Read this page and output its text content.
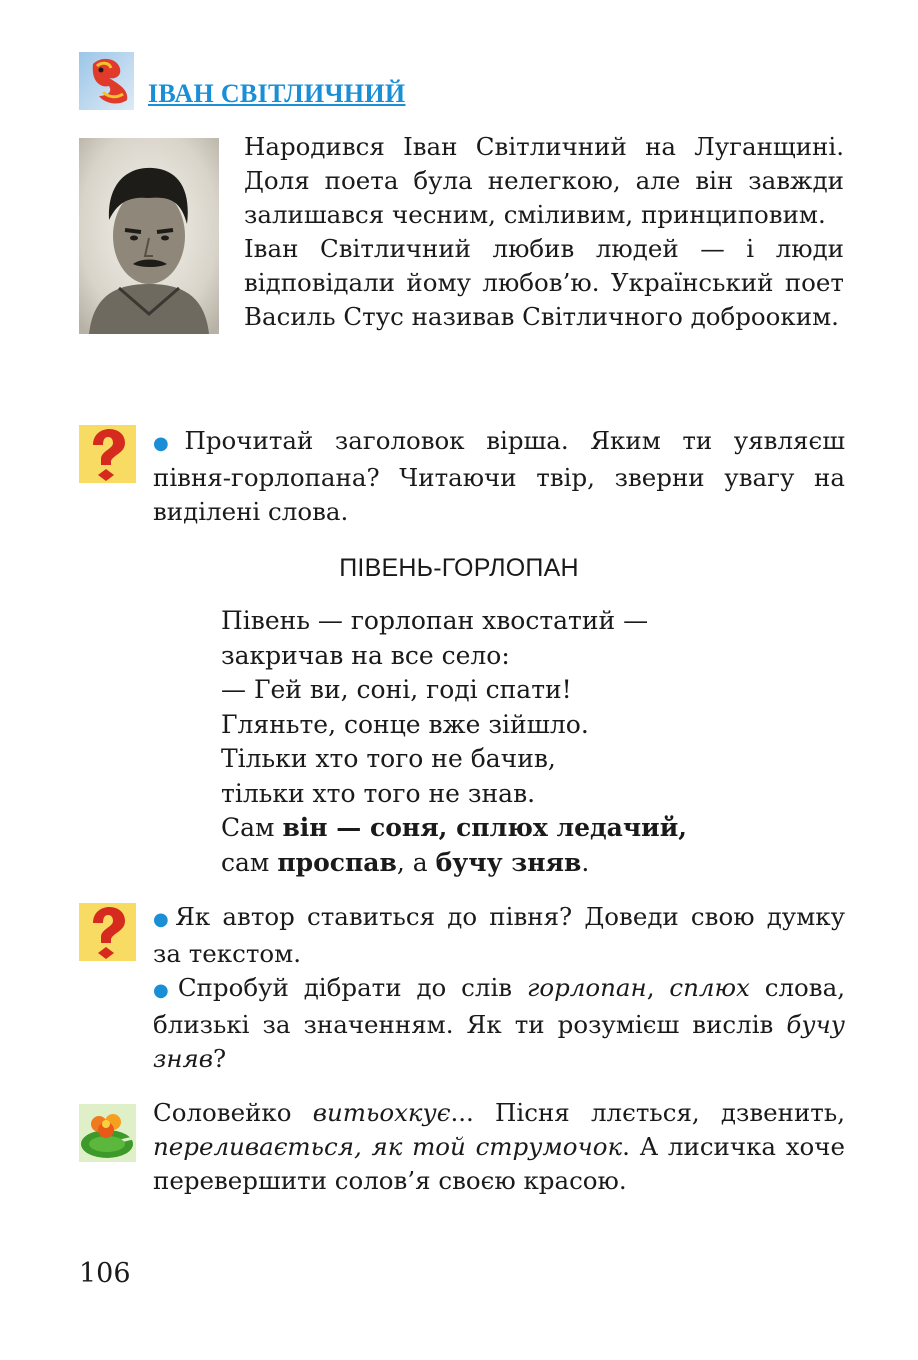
ІВАН СВІТЛИЧНИЙ

Народився Іван Світличний на Луганщині. Доля поета була нелегкою, але він завжди залишався чесним, сміливим, принциповим.

Іван Світличний любив людей — і люди відповідали йому любов’ю. Український поет Василь Стус називав Світличного доброоким.

●Прочитай заголовок вірша. Яким ти уявляєш півня-горлопана? Читаючи твір, зверни увагу на виділені слова.
ПІВЕНЬ-ГОРЛОПАН
Півень — горлопан хвостатий —
закричав на все село:
— Гей ви, соні, годі спати!
Гляньте, сонце вже зійшло.
Тільки хто того не бачив,
тільки хто того не знав.
Сам він — соня, сплюх ледачий,
сам проспав, а бучу зняв.
●Як автор ставиться до півня? Доведи свою думку за текстом.
●Спробуй дібрати до слів горлопан, сплюх слова, близькі за значенням. Як ти розумієш вислів бучу зняв?
Соловейко витьохкує... Пісня ллється, дзвенить, переливається, як той струмочок. А лисичка хоче перевершити солов’я своєю красою.
106
